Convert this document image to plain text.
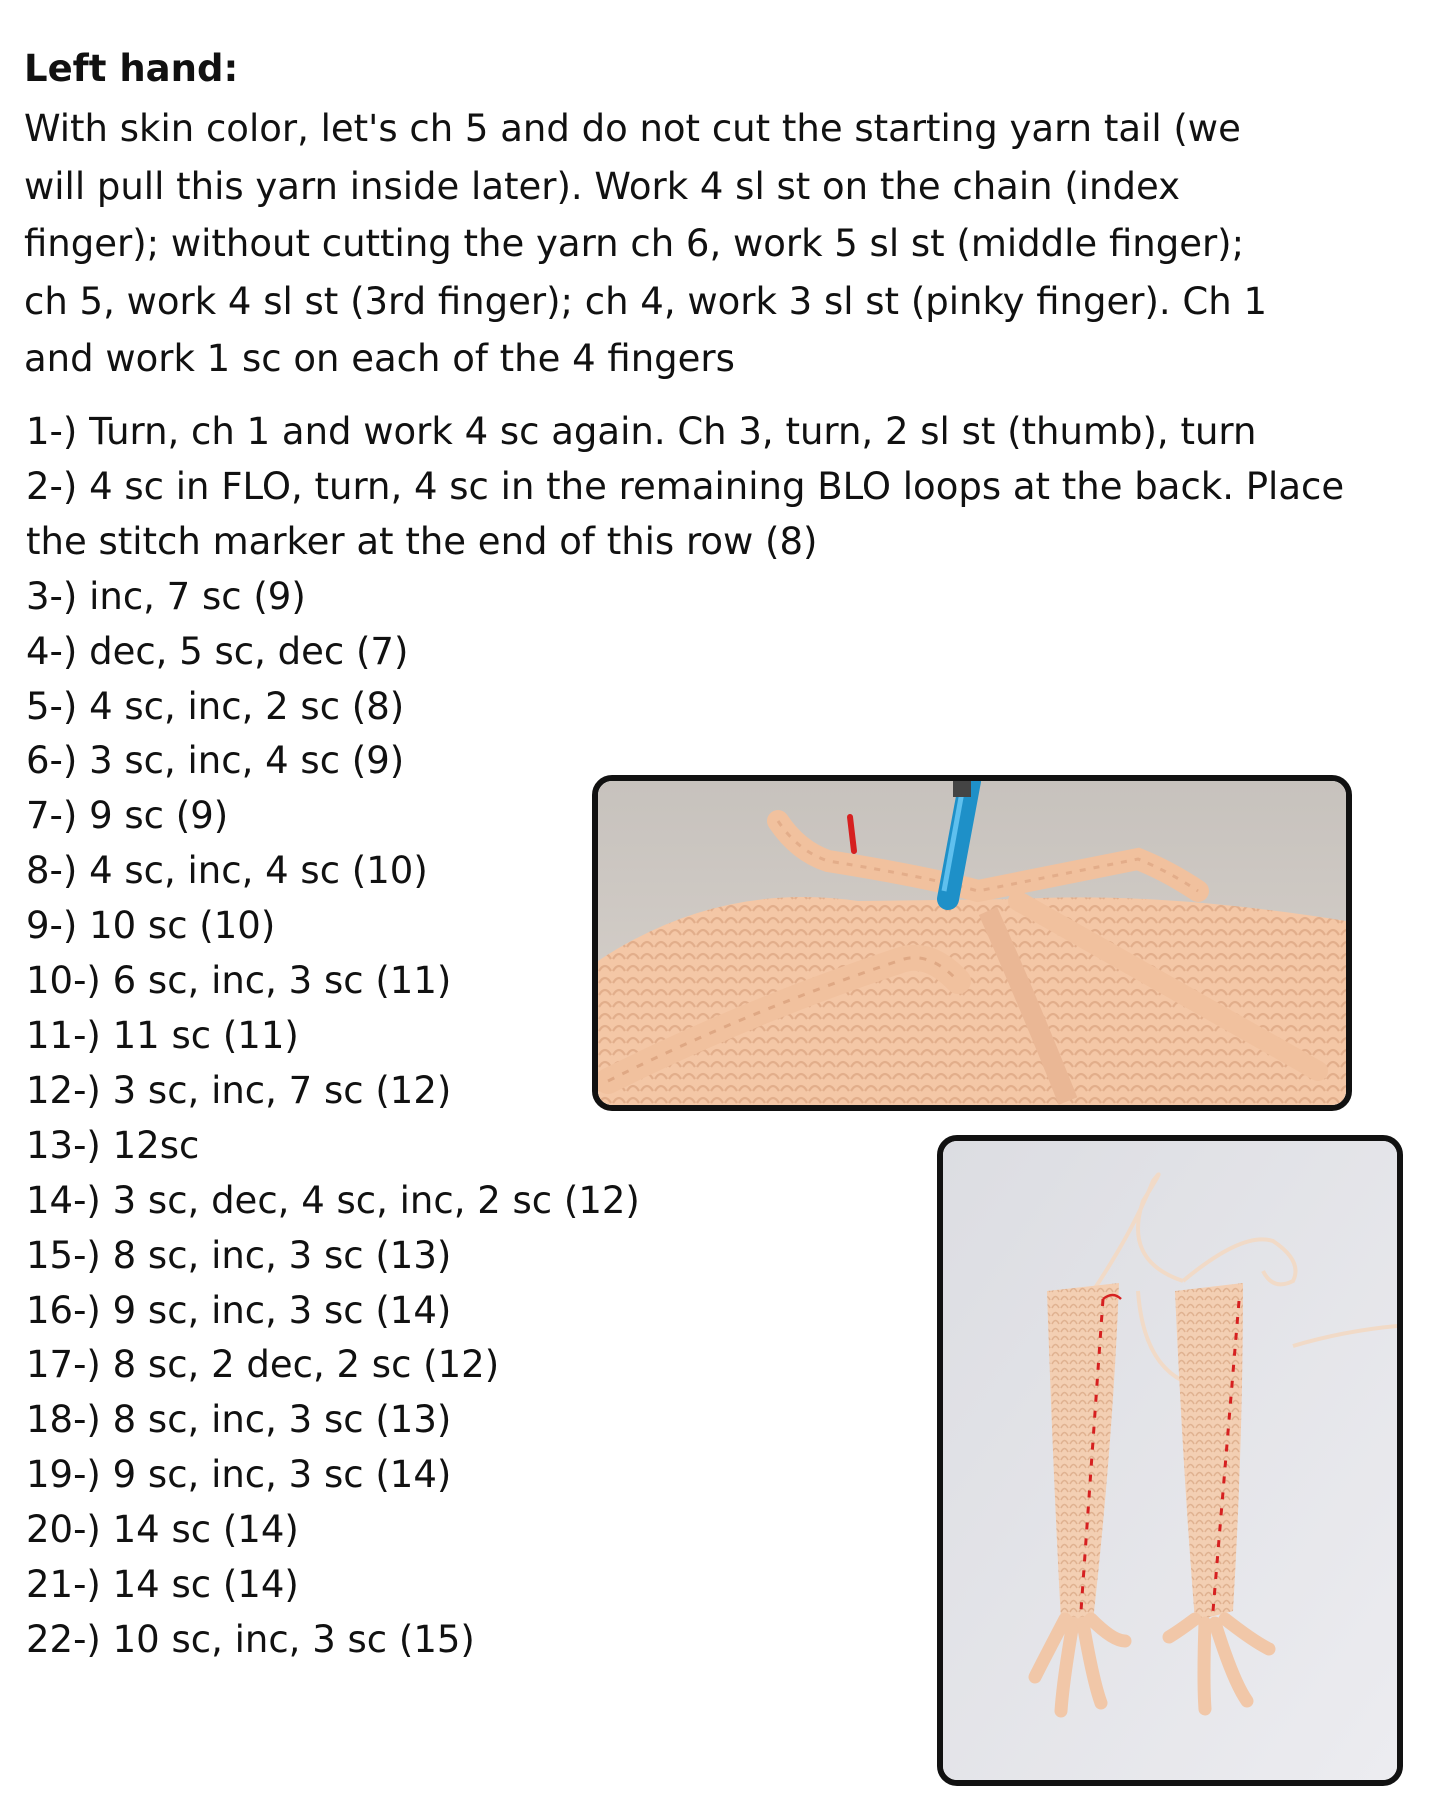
Left hand:
With skin color, let's ch 5 and do not cut the starting yarn tail (we
will pull this yarn inside later). Work 4 sl st on the chain (index
finger); without cutting the yarn ch 6, work 5 sl st (middle finger);
ch 5, work 4 sl st (3rd finger); ch 4, work 3 sl st (pinky finger). Ch 1
and work 1 sc on each of the 4 fingers
1-) Turn, ch 1 and work 4 sc again. Ch 3, turn, 2 sl st (thumb), turn
2-) 4 sc in FLO, turn, 4 sc in the remaining BLO loops at the back. Place
the stitch marker at the end of this row (8)
3-) inc, 7 sc (9)
4-) dec, 5 sc, dec (7)
5-) 4 sc, inc, 2 sc (8)
6-) 3 sc, inc, 4 sc (9)
7-) 9 sc (9)
8-) 4 sc, inc, 4 sc (10)
9-) 10 sc (10)
10-) 6 sc, inc, 3 sc (11)
11-) 11 sc (11)
12-) 3 sc, inc, 7 sc (12)
13-) 12sc
14-) 3 sc, dec, 4 sc, inc, 2 sc (12)
15-) 8 sc, inc, 3 sc (13)
16-) 9 sc, inc, 3 sc (14)
17-) 8 sc, 2 dec, 2 sc (12)
18-) 8 sc, inc, 3 sc (13)
19-) 9 sc, inc, 3 sc (14)
20-) 14 sc (14)
21-) 14 sc (14)
22-) 10 sc, inc, 3 sc (15)
